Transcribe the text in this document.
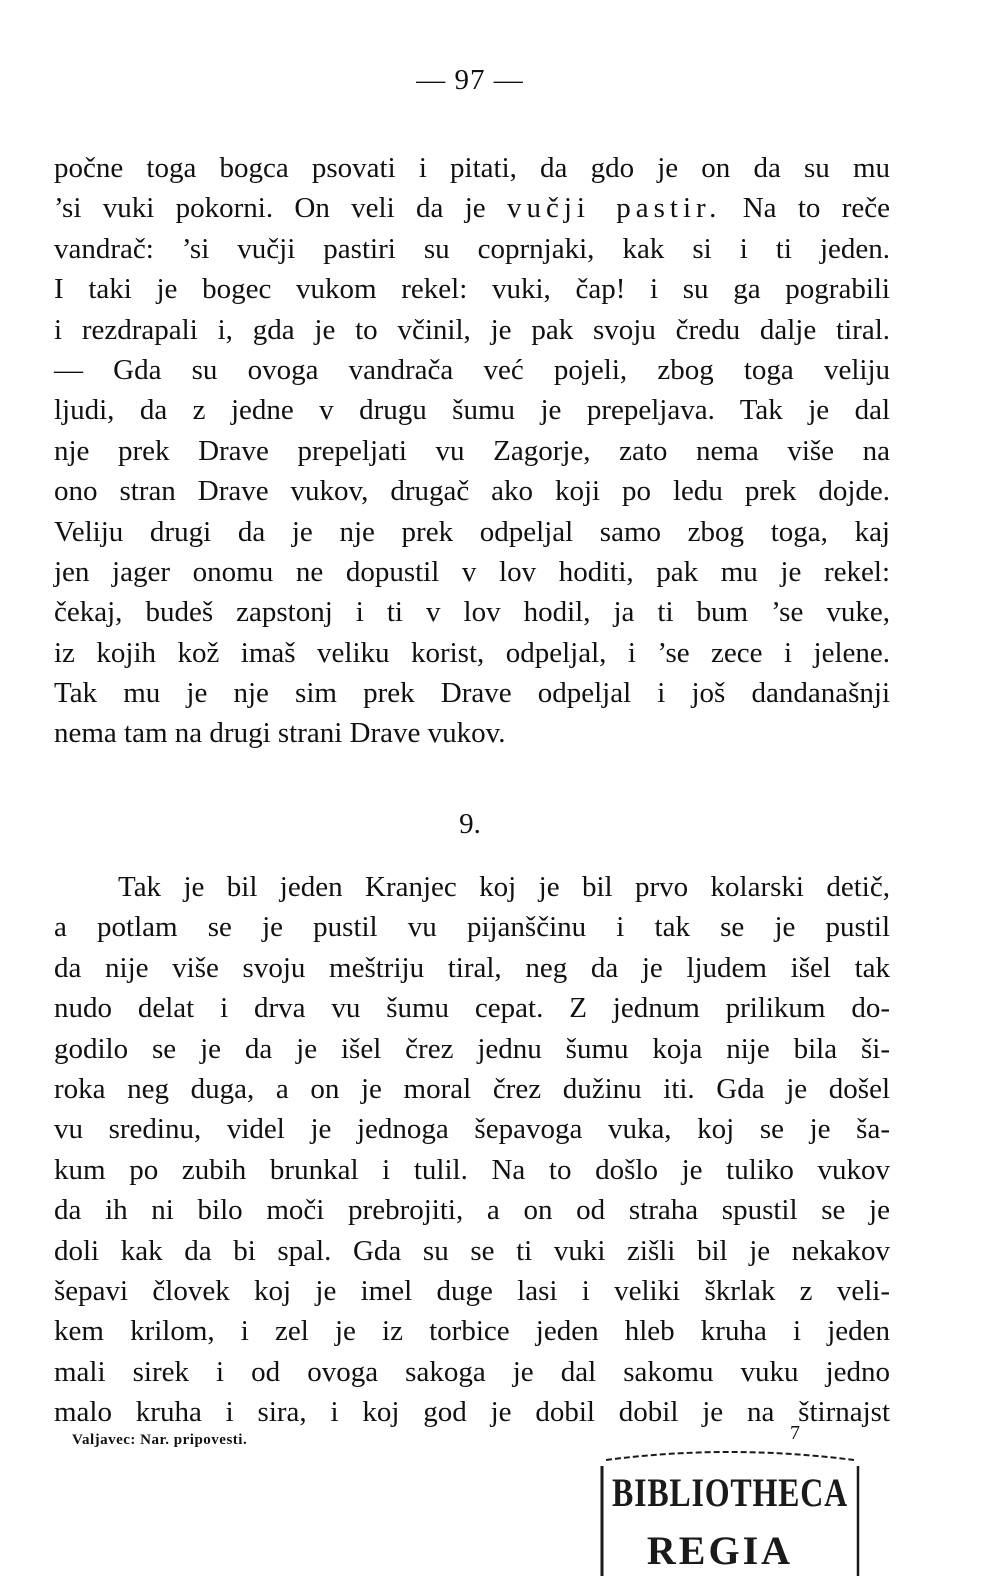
— 97 —
počne toga bogca psovati i pitati, da gdo je on da su mu
’si vuki pokorni. On veli da je vučji pastir. Na to reče
vandrač: ’si vučji pastiri su coprnjaki, kak si i ti jeden.
I taki je bogec vukom rekel: vuki, čap! i su ga pograbili
i rezdrapali i, gda je to včinil, je pak svoju čredu dalje tiral.
— Gda su ovoga vandrača već pojeli, zbog toga veliju
ljudi, da z jedne v drugu šumu je prepeljava. Tak je dal
nje prek Drave prepeljati vu Zagorje, zato nema više na
ono stran Drave vukov, drugač ako koji po ledu prek dojde.
Veliju drugi da je nje prek odpeljal samo zbog toga, kaj
jen jager onomu ne dopustil v lov hoditi, pak mu je rekel:
čekaj, budeš zapstonj i ti v lov hodil, ja ti bum ’se vuke,
iz kojih kož imaš veliku korist, odpeljal, i ’se zece i jelene.
Tak mu je nje sim prek Drave odpeljal i još dandanašnji
nema tam na drugi strani Drave vukov.
9.
Tak je bil jeden Kranjec koj je bil prvo kolarski detič,
a potlam se je pustil vu pijanščinu i tak se je pustil
da nije više svoju meštriju tiral, neg da je ljudem išel tak
nudo delat i drva vu šumu cepat. Z jednum prilikum do-
godilo se je da je išel črez jednu šumu koja nije bila ši-
roka neg duga, a on je moral črez dužinu iti. Gda je došel
vu sredinu, videl je jednoga šepavoga vuka, koj se je ša-
kum po zubih brunkal i tulil. Na to došlo je tuliko vukov
da ih ni bilo moči prebrojiti, a on od straha spustil se je
doli kak da bi spal. Gda su se ti vuki zišli bil je nekakov
šepavi človek koj je imel duge lasi i veliki škrlak z veli-
kem krilom, i zel je iz torbice jeden hleb kruha i jeden
mali sirek i od ovoga sakoga je dal sakomu vuku jedno
malo kruha i sira, i koj god je dobil dobil je na štirnajst
Valjavec: Nar. pripovesti.	7
BIBLIOTHECA
REGIA
